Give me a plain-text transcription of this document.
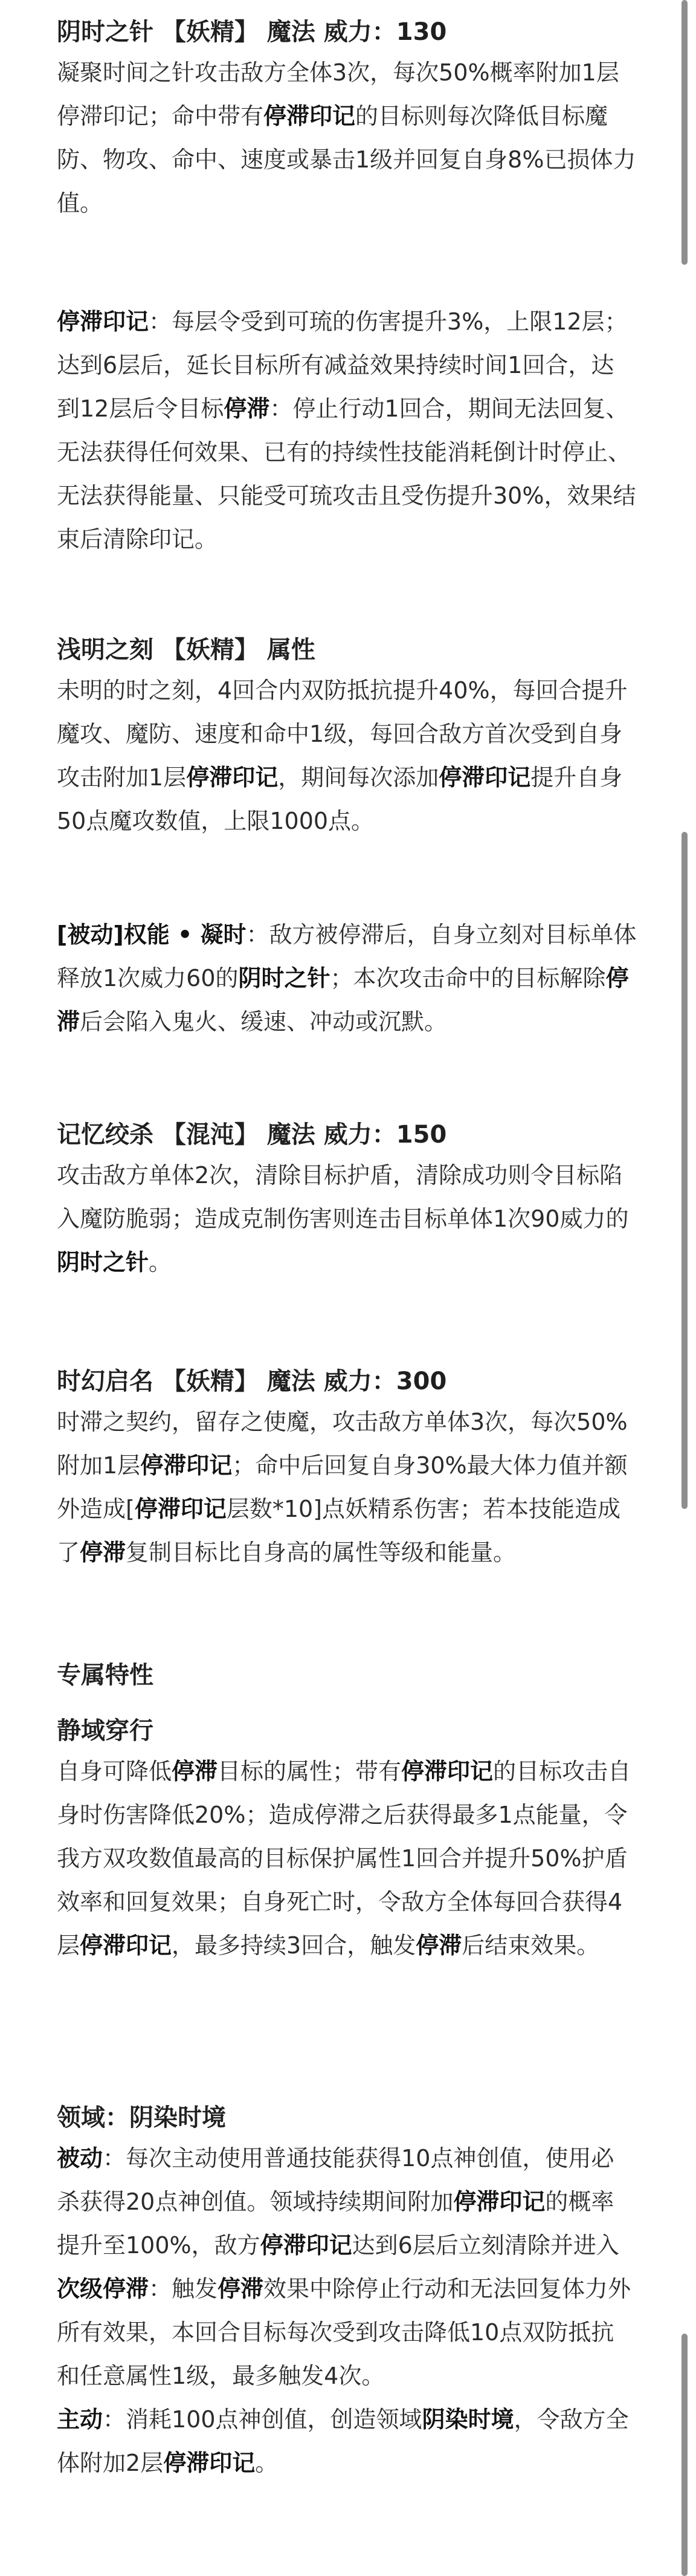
阴时之针 【妖精】 魔法 威力：130

凝聚时间之针攻击敌方全体3次，每次50%概率附加1层停滞印记；命中带有停滞印记的目标则每次降低目标魔防、物攻、命中、速度或暴击1级并回复自身8%已损体力值。

停滞印记：每层令受到可琉的伤害提升3%，上限12层；达到6层后，延长目标所有减益效果持续时间1回合，达到12层后令目标停滞：停止行动1回合，期间无法回复、无法获得任何效果、已有的持续性技能消耗倒计时停止、无法获得能量、只能受可琉攻击且受伤提升30%，效果结束后清除印记。

浅明之刻 【妖精】 属性

未明的时之刻，4回合内双防抵抗提升40%，每回合提升魔攻、魔防、速度和命中1级，每回合敌方首次受到自身攻击附加1层停滞印记，期间每次添加停滞印记提升自身50点魔攻数值，上限1000点。

[被动]权能 • 凝时：敌方被停滞后，自身立刻对目标单体释放1次威力60的阴时之针；本次攻击命中的目标解除停滞后会陷入鬼火、缓速、冲动或沉默。

记忆绞杀 【混沌】 魔法 威力：150

攻击敌方单体2次，清除目标护盾，清除成功则令目标陷入魔防脆弱；造成克制伤害则连击目标单体1次90威力的阴时之针。

时幻启名 【妖精】 魔法 威力：300

时滞之契约，留存之使魔，攻击敌方单体3次，每次50%附加1层停滞印记；命中后回复自身30%最大体力值并额外造成[停滞印记层数*10]点妖精系伤害；若本技能造成了停滞复制目标比自身高的属性等级和能量。

专属特性
静域穿行

自身可降低停滞目标的属性；带有停滞印记的目标攻击自身时伤害降低20%；造成停滞之后获得最多1点能量，令我方双攻数值最高的目标保护属性1回合并提升50%护盾效率和回复效果；自身死亡时，令敌方全体每回合获得4层停滞印记，最多持续3回合，触发停滞后结束效果。

领域：阴染时境

被动：每次主动使用普通技能获得10点神创值，使用必杀获得20点神创值。领域持续期间附加停滞印记的概率提升至100%，敌方停滞印记达到6层后立刻清除并进入次级停滞：触发停滞效果中除停止行动和无法回复体力外所有效果，本回合目标每次受到攻击降低10点双防抵抗和任意属性1级，最多触发4次。

主动：消耗100点神创值，创造领域阴染时境，令敌方全体附加2层停滞印记。
